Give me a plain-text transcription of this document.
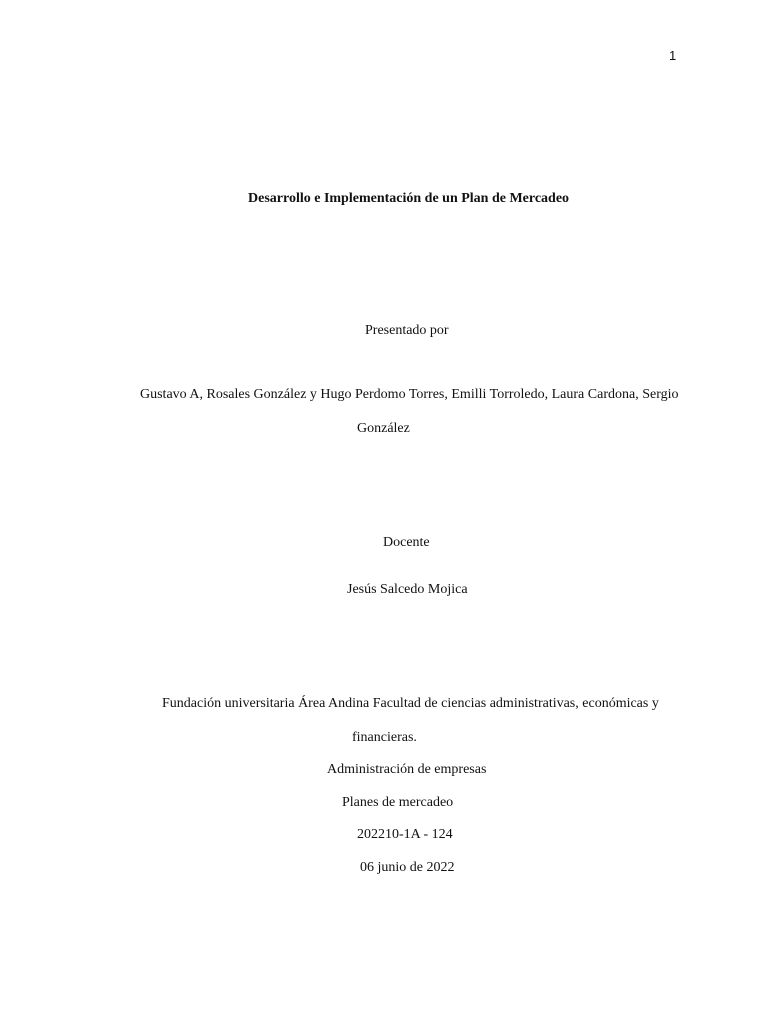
1
Desarrollo e Implementación de un Plan de Mercadeo
Presentado por
Gustavo A, Rosales González y Hugo Perdomo Torres, Emilli Torroledo, Laura Cardona, Sergio
González
Docente
Jesús Salcedo Mojica
Fundación universitaria Área Andina Facultad de ciencias administrativas, económicas y
financieras.
Administración de empresas
Planes de mercadeo
202210-1A - 124
06 junio de 2022
